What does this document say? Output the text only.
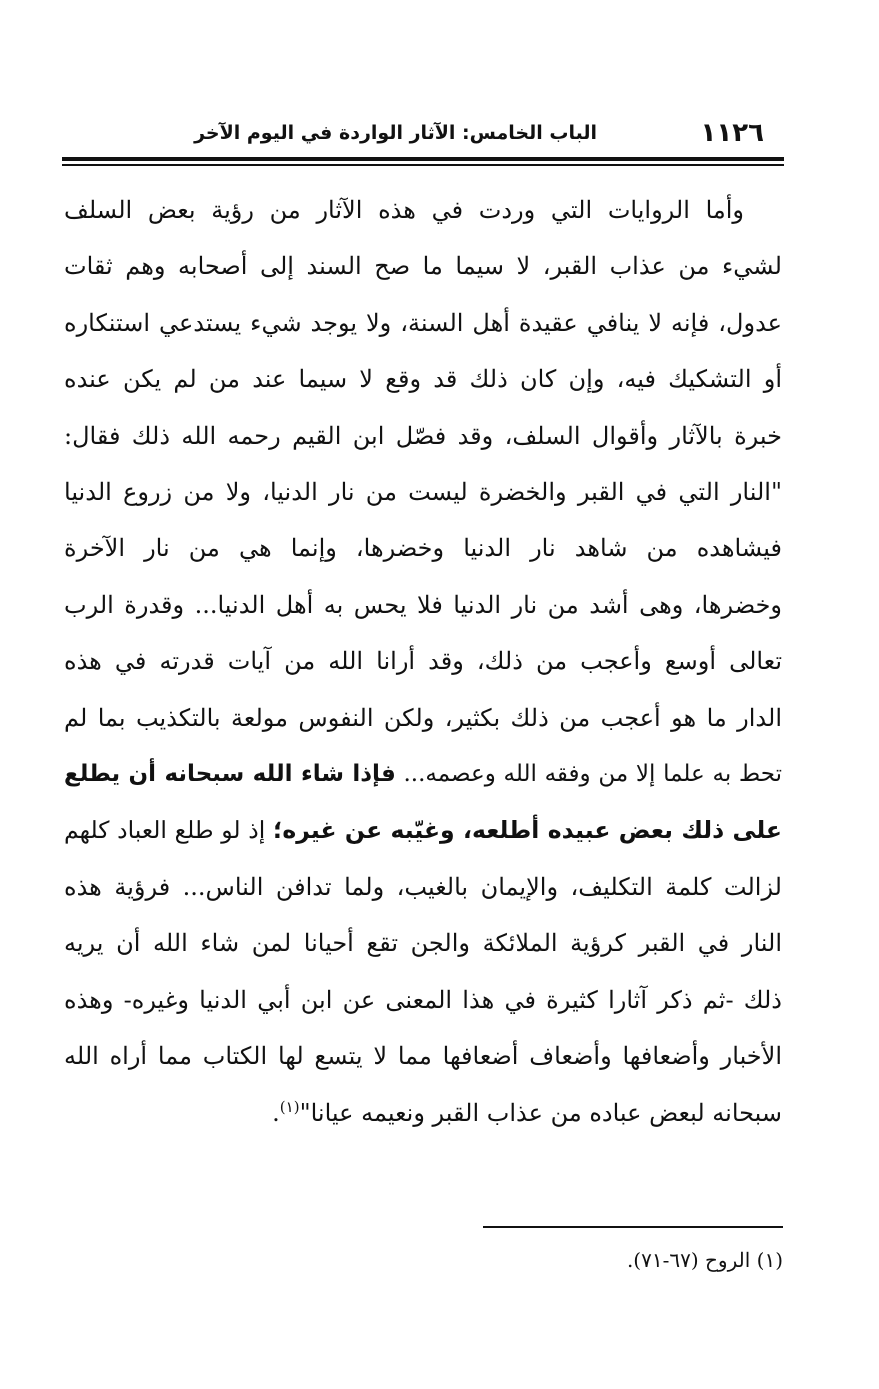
١١٢٦
الباب الخامس: الآثار الواردة في اليوم الآخر
وأما الروايات التي وردت في هذه الآثار من رؤية بعض السلف
لشيء من عذاب القبر، لا سيما ما صح السند إلى أصحابه وهم ثقات
عدول، فإنه لا ينافي عقيدة أهل السنة، ولا يوجد شيء يستدعي استنكاره
أو التشكيك فيه، وإن كان ذلك قد وقع لا سيما عند من لم يكن عنده
خبرة بالآثار وأقوال السلف، وقد فصّل ابن القيم رحمه الله ذلك فقال:
"النار التي في القبر والخضرة ليست من نار الدنيا، ولا من زروع الدنيا
فيشاهده من شاهد نار الدنيا وخضرها، وإنما هي من نار الآخرة
وخضرها، وهى أشد من نار الدنيا فلا يحس به أهل الدنيا... وقدرة الرب
تعالى أوسع وأعجب من ذلك، وقد أرانا الله من آيات قدرته في هذه
الدار ما هو أعجب من ذلك بكثير، ولكن النفوس مولعة بالتكذيب بما لم
تحط به علما إلا من وفقه الله وعصمه... فإذا شاء الله سبحانه أن يطلع
على ذلك بعض عبيده أطلعه، وغيّبه عن غيره؛ إذ لو طلع العباد كلهم
لزالت كلمة التكليف، والإيمان بالغيب، ولما تدافن الناس... فرؤية هذه
النار في القبر كرؤية الملائكة والجن تقع أحيانا لمن شاء الله أن يريه
ذلك -ثم ذكر آثارا كثيرة في هذا المعنى عن ابن أبي الدنيا وغيره- وهذه
الأخبار وأضعافها وأضعاف أضعافها مما لا يتسع لها الكتاب مما أراه الله
سبحانه لبعض عباده من عذاب القبر ونعيمه عيانا"$^{(١)}$.
(١) الروح (٦٧-٧١).
